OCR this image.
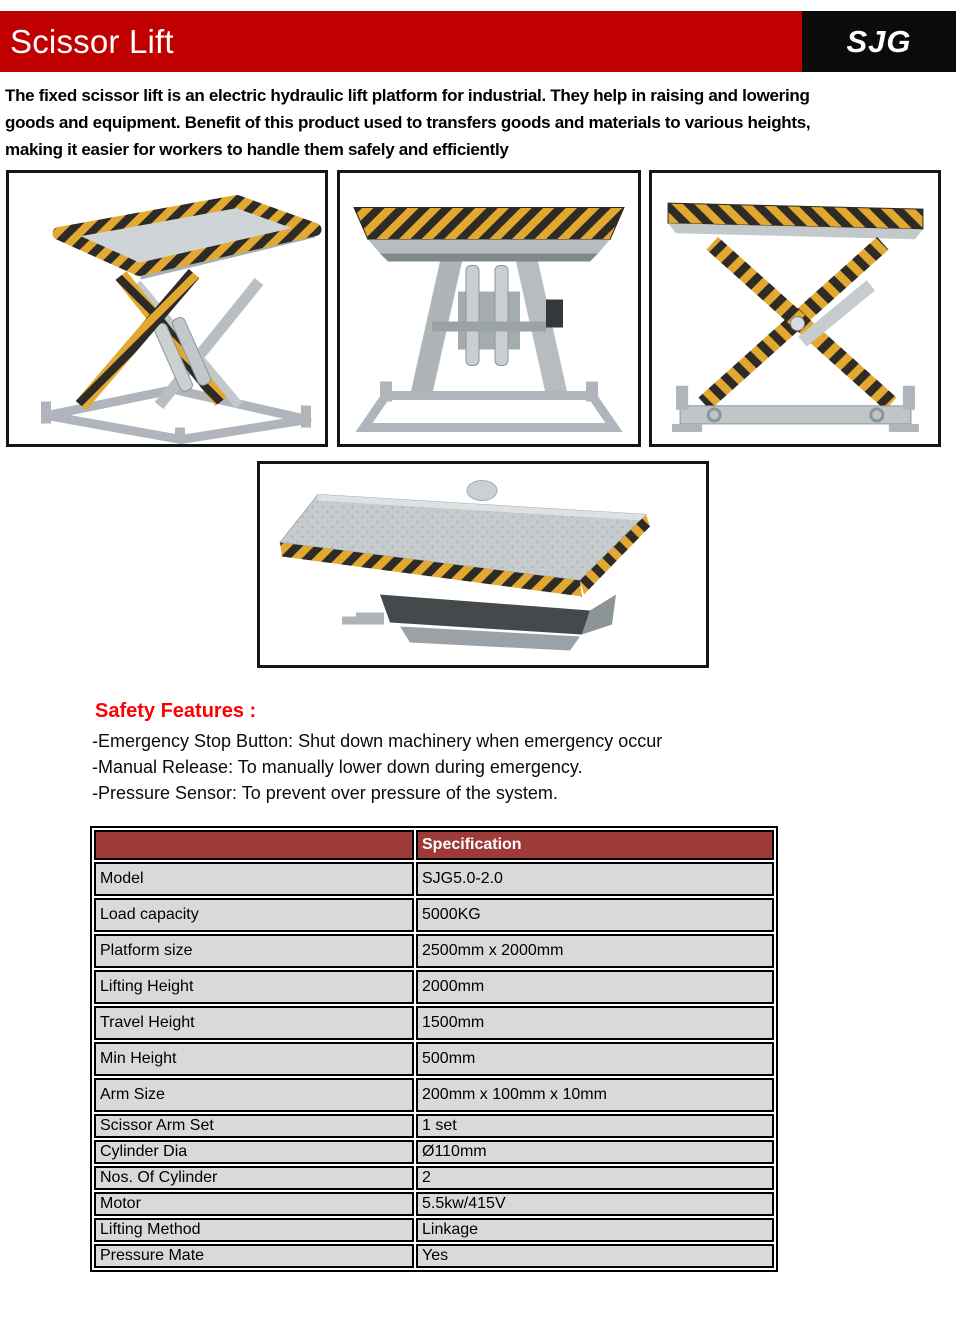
Scissor Lift	SJG
The fixed scissor lift is an electric hydraulic lift platform for industrial. They help in raising and lowering
goods and equipment. Benefit of this product used to transfers goods and materials to various heights,
making it easier for workers to handle them safely and efficiently
Safety Features :
-Emergency Stop Button: Shut down machinery when emergency occur
-Manual Release: To manually lower down during emergency.
-Pressure Sensor: To prevent over pressure of the system.
	Specification
Model	SJG5.0-2.0
Load capacity	5000KG
Platform size	2500mm x 2000mm
Lifting Height	2000mm
Travel Height	1500mm
Min Height	500mm
Arm Size	200mm x 100mm x 10mm
Scissor Arm Set	1 set
Cylinder Dia	Ø110mm
Nos. Of Cylinder	2
Motor	5.5kw/415V
Lifting Method	Linkage
Pressure Mate	Yes
